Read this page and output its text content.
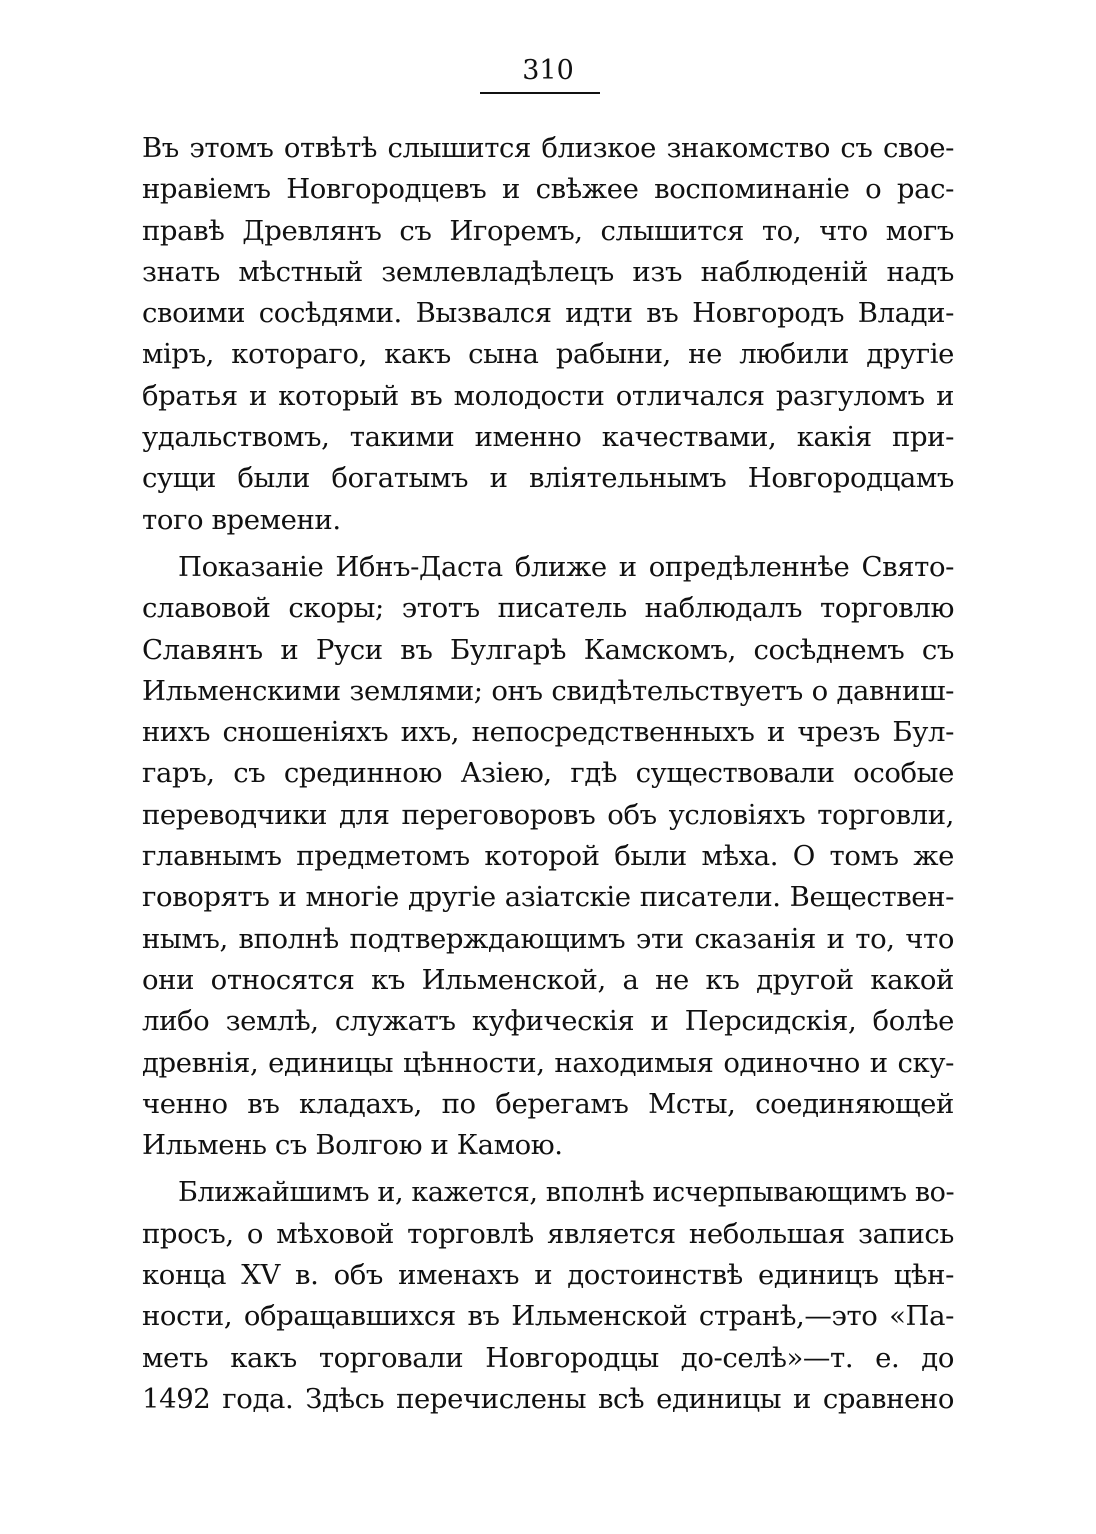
310
Въ этомъ отвѣтѣ слышится близкое знакомство съ свое-
нравіемъ Новгородцевъ и свѣжее воспоминаніе о рас-
правѣ Древлянъ съ Игоремъ, слышится то, что могъ
знать мѣстный землевладѣлецъ изъ наблюденій надъ
своими сосѣдями. Вызвался идти въ Новгородъ Влади-
міръ, котораго, какъ сына рабыни, не любили другіе
братья и который въ молодости отличался разгуломъ и
удальствомъ, такими именно качествами, какія при-
сущи были богатымъ и вліятельнымъ Новгородцамъ
того времени.
Показаніе Ибнъ-Даста ближе и опредѣленнѣе Свято-
славовой скоры; этотъ писатель наблюдалъ торговлю
Славянъ и Руси въ Булгарѣ Камскомъ, сосѣднемъ съ
Ильменскими землями; онъ свидѣтельствуетъ о давниш-
нихъ сношеніяхъ ихъ, непосредственныхъ и чрезъ Бул-
гаръ, съ срединною Азіею, гдѣ существовали особые
переводчики для переговоровъ объ условіяхъ торговли,
главнымъ предметомъ которой были мѣха. О томъ же
говорятъ и многіе другіе азіатскіе писатели. Веществен-
нымъ, вполнѣ подтверждающимъ эти сказанія и то, что
они относятся къ Ильменской, а не къ другой какой
либо землѣ, служатъ куфическія и Персидскія, болѣе
древнія, единицы цѣнности, находимыя одиночно и ску-
ченно въ кладахъ, по берегамъ Мсты, соединяющей
Ильмень съ Волгою и Камою.
Ближайшимъ и, кажется, вполнѣ исчерпывающимъ во-
просъ, о мѣховой торговлѣ является небольшая запись
конца XV в. объ именахъ и достоинствѣ единицъ цѣн-
ности, обращавшихся въ Ильменской странѣ,—это «Па-
меть какъ торговали Новгородцы до-селѣ»—т. е. до
1492 года. Здѣсь перечислены всѣ единицы и сравнено
